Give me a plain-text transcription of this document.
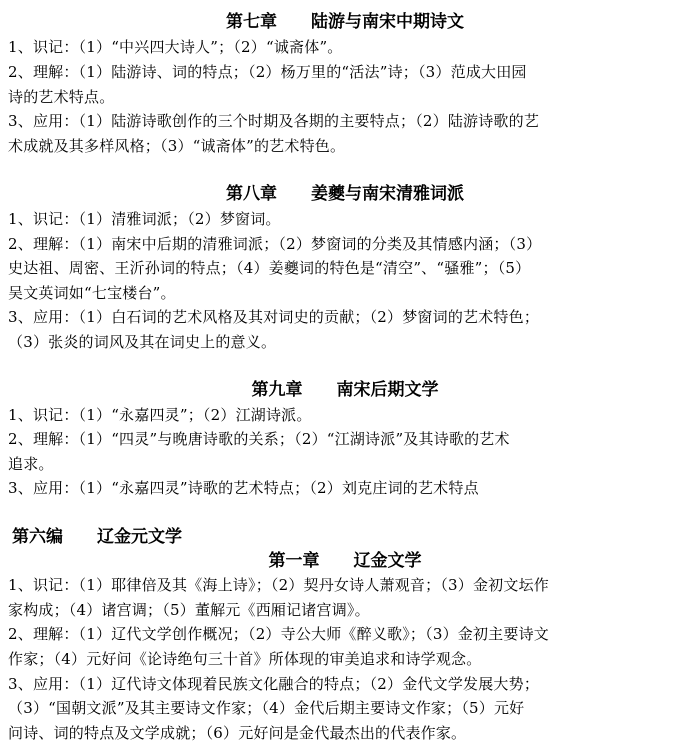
第七章　　陆游与南宋中期诗文
1、识记：（1）“中兴四大诗人”；（2）“诚斋体”。
2、理解：（1）陆游诗、词的特点；（2）杨万里的“活法”诗；（3）范成大田园
诗的艺术特点。
3、应用：（1）陆游诗歌创作的三个时期及各期的主要特点；（2）陆游诗歌的艺
术成就及其多样风格；（3）“诚斋体”的艺术特色。
第八章　　姜夔与南宋清雅词派
1、识记：（1）清雅词派；（2）梦窗词。
2、理解：（1）南宋中后期的清雅词派；（2）梦窗词的分类及其情感内涵；（3）
史达祖、周密、王沂孙词的特点；（4）姜夔词的特色是“清空”、“骚雅”；（5）
吴文英词如“七宝楼台”。
3、应用：（1）白石词的艺术风格及其对词史的贡献；（2）梦窗词的艺术特色；
（3）张炎的词风及其在词史上的意义。
第九章　　南宋后期文学
1、识记：（1）“永嘉四灵”；（2）江湖诗派。
2、理解：（1）“四灵”与晚唐诗歌的关系；（2）“江湖诗派”及其诗歌的艺术
追求。
3、应用：（1）“永嘉四灵”诗歌的艺术特点；（2）刘克庄词的艺术特点
第六编　　辽金元文学
第一章　　辽金文学
1、识记：（1）耶律倍及其《海上诗》；（2）契丹女诗人萧观音；（3）金初文坛作
家构成；（4）诸宫调；（5）董解元《西厢记诸宫调》。
2、理解：（1）辽代文学创作概况；（2）寺公大师《醉义歌》；（3）金初主要诗文
作家；（4）元好问《论诗绝句三十首》所体现的审美追求和诗学观念。
3、应用：（1）辽代诗文体现着民族文化融合的特点；（2）金代文学发展大势；
（3）“国朝文派”及其主要诗文作家；（4）金代后期主要诗文作家；（5）元好
问诗、词的特点及文学成就；（6）元好问是金代最杰出的代表作家。
